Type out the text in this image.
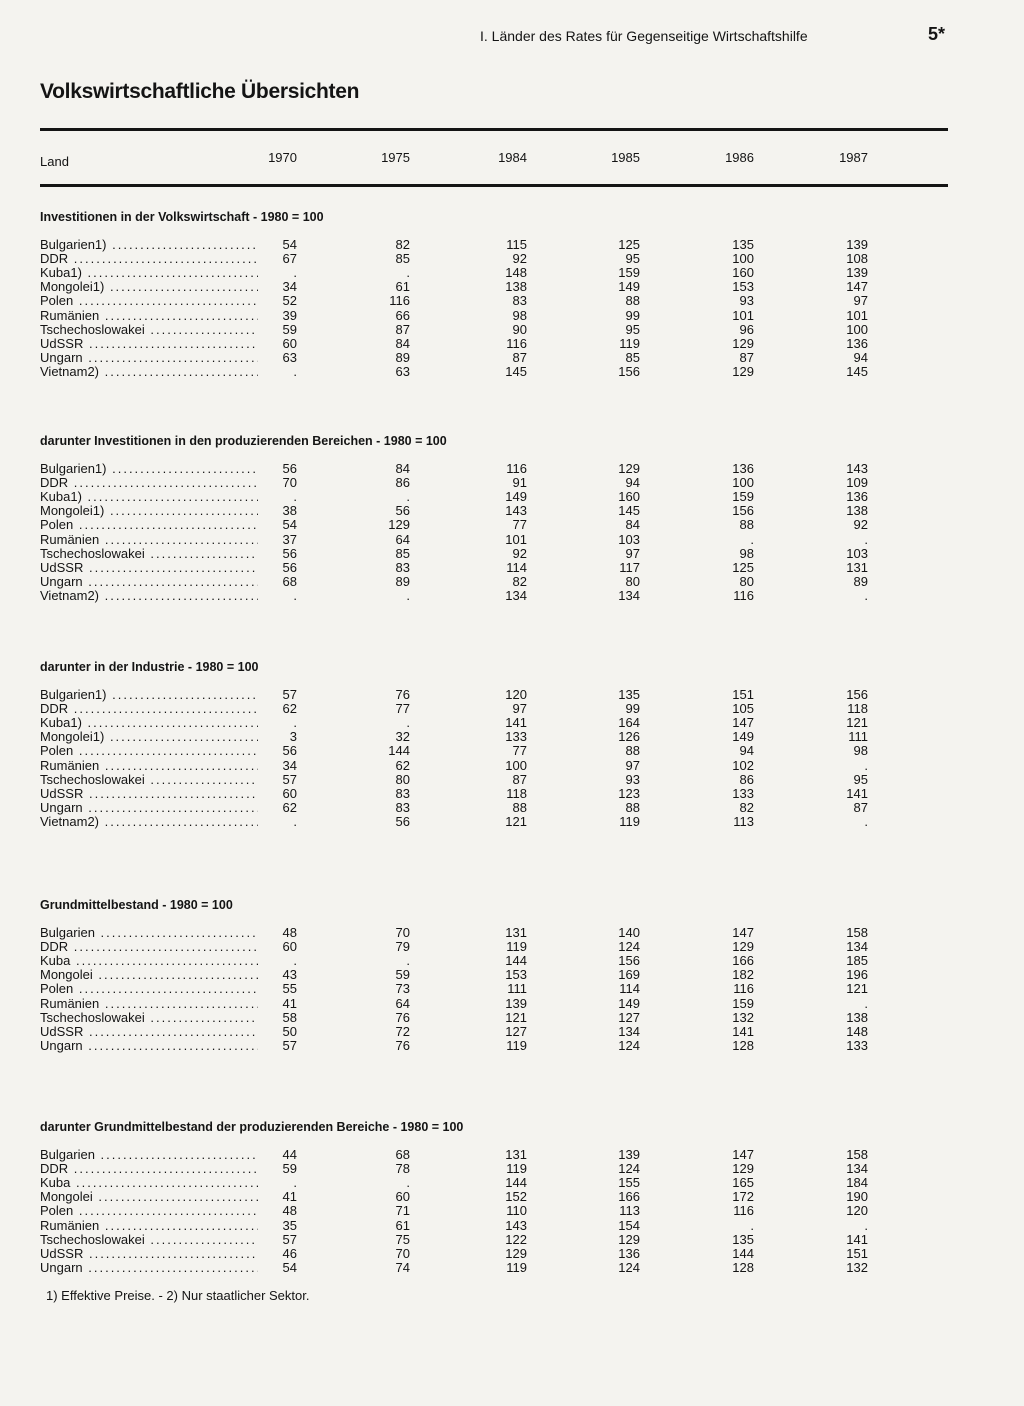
I. Länder des Rates für Gegenseitige Wirtschaftshilfe	5*
Volkswirtschaftliche Übersichten
Land	1970	1975	1984	1985	1986	1987
Investitionen in der Volkswirtschaft - 1980 = 100
Bulgarien1) .....	54	82	115	125	135	139
DDR .....	67	85	92	95	100	108
Kuba1) .....	.	.	148	159	160	139
Mongolei1) .....	34	61	138	149	153	147
Polen .....	52	116	83	88	93	97
Rumänien .....	39	66	98	99	101	101
Tschechoslowakei .....	59	87	90	95	96	100
UdSSR .....	60	84	116	119	129	136
Ungarn .....	63	89	87	85	87	94
Vietnam2) .....	.	63	145	156	129	145
darunter Investitionen in den produzierenden Bereichen - 1980 = 100
Bulgarien1) .....	56	84	116	129	136	143
DDR .....	70	86	91	94	100	109
Kuba1) .....	.	.	149	160	159	136
Mongolei1) .....	38	56	143	145	156	138
Polen .....	54	129	77	84	88	92
Rumänien .....	37	64	101	103	.	.
Tschechoslowakei .....	56	85	92	97	98	103
UdSSR .....	56	83	114	117	125	131
Ungarn .....	68	89	82	80	80	89
Vietnam2) .....	.	.	134	134	116	.
darunter in der Industrie - 1980 = 100
Bulgarien1) .....	57	76	120	135	151	156
DDR .....	62	77	97	99	105	118
Kuba1) .....	.	.	141	164	147	121
Mongolei1) .....	3	32	133	126	149	111
Polen .....	56	144	77	88	94	98
Rumänien .....	34	62	100	97	102	.
Tschechoslowakei .....	57	80	87	93	86	95
UdSSR .....	60	83	118	123	133	141
Ungarn .....	62	83	88	88	82	87
Vietnam2) .....	.	56	121	119	113	.
Grundmittelbestand - 1980 = 100
Bulgarien .....	48	70	131	140	147	158
DDR .....	60	79	119	124	129	134
Kuba .....	.	.	144	156	166	185
Mongolei .....	43	59	153	169	182	196
Polen .....	55	73	111	114	116	121
Rumänien .....	41	64	139	149	159	.
Tschechoslowakei .....	58	76	121	127	132	138
UdSSR .....	50	72	127	134	141	148
Ungarn .....	57	76	119	124	128	133
darunter Grundmittelbestand der produzierenden Bereiche - 1980 = 100
Bulgarien .....	44	68	131	139	147	158
DDR .....	59	78	119	124	129	134
Kuba .....	.	.	144	155	165	184
Mongolei .....	41	60	152	166	172	190
Polen .....	48	71	110	113	116	120
Rumänien .....	35	61	143	154	.	.
Tschechoslowakei .....	57	75	122	129	135	141
UdSSR .....	46	70	129	136	144	151
Ungarn .....	54	74	119	124	128	132
1) Effektive Preise. - 2) Nur staatlicher Sektor.
